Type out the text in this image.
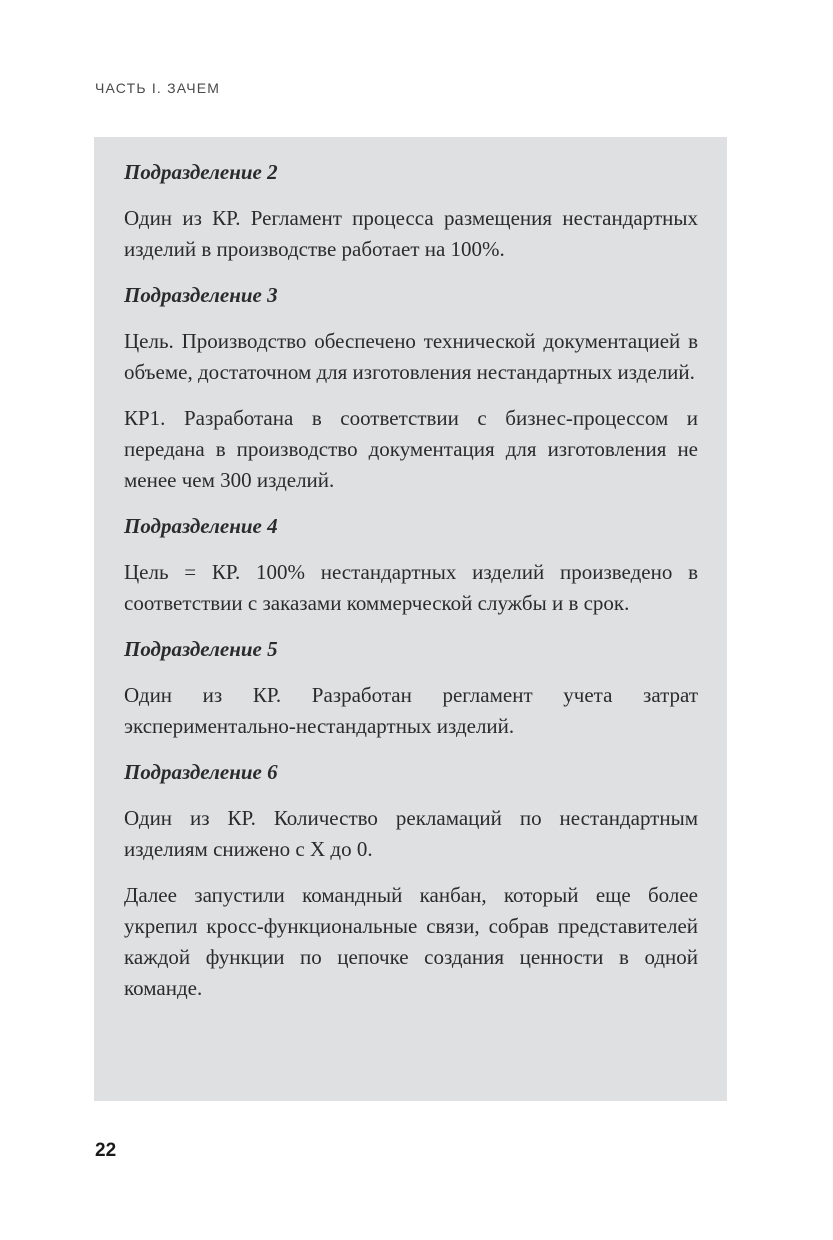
ЧАСТЬ I. ЗАЧЕМ
Подразделение 2
Один из КР. Регламент процесса размещения нестандартных изделий в производстве работает на 100%.
Подразделение 3
Цель. Производство обеспечено технической документацией в объеме, достаточном для изготовления нестандартных изделий.
КР1. Разработана в соответствии с бизнес-процессом и передана в производство документация для изготовления не менее чем 300 изделий.
Подразделение 4
Цель = КР. 100% нестандартных изделий произведено в соответствии с заказами коммерческой службы и в срок.
Подразделение 5
Один из КР. Разработан регламент учета затрат экспериментально-нестандартных изделий.
Подразделение 6
Один из КР. Количество рекламаций по нестандартным изделиям снижено с Х до 0.
Далее запустили командный канбан, который еще более укрепил кросс-функциональные связи, собрав представителей каждой функции по цепочке создания ценности в одной команде.
22
